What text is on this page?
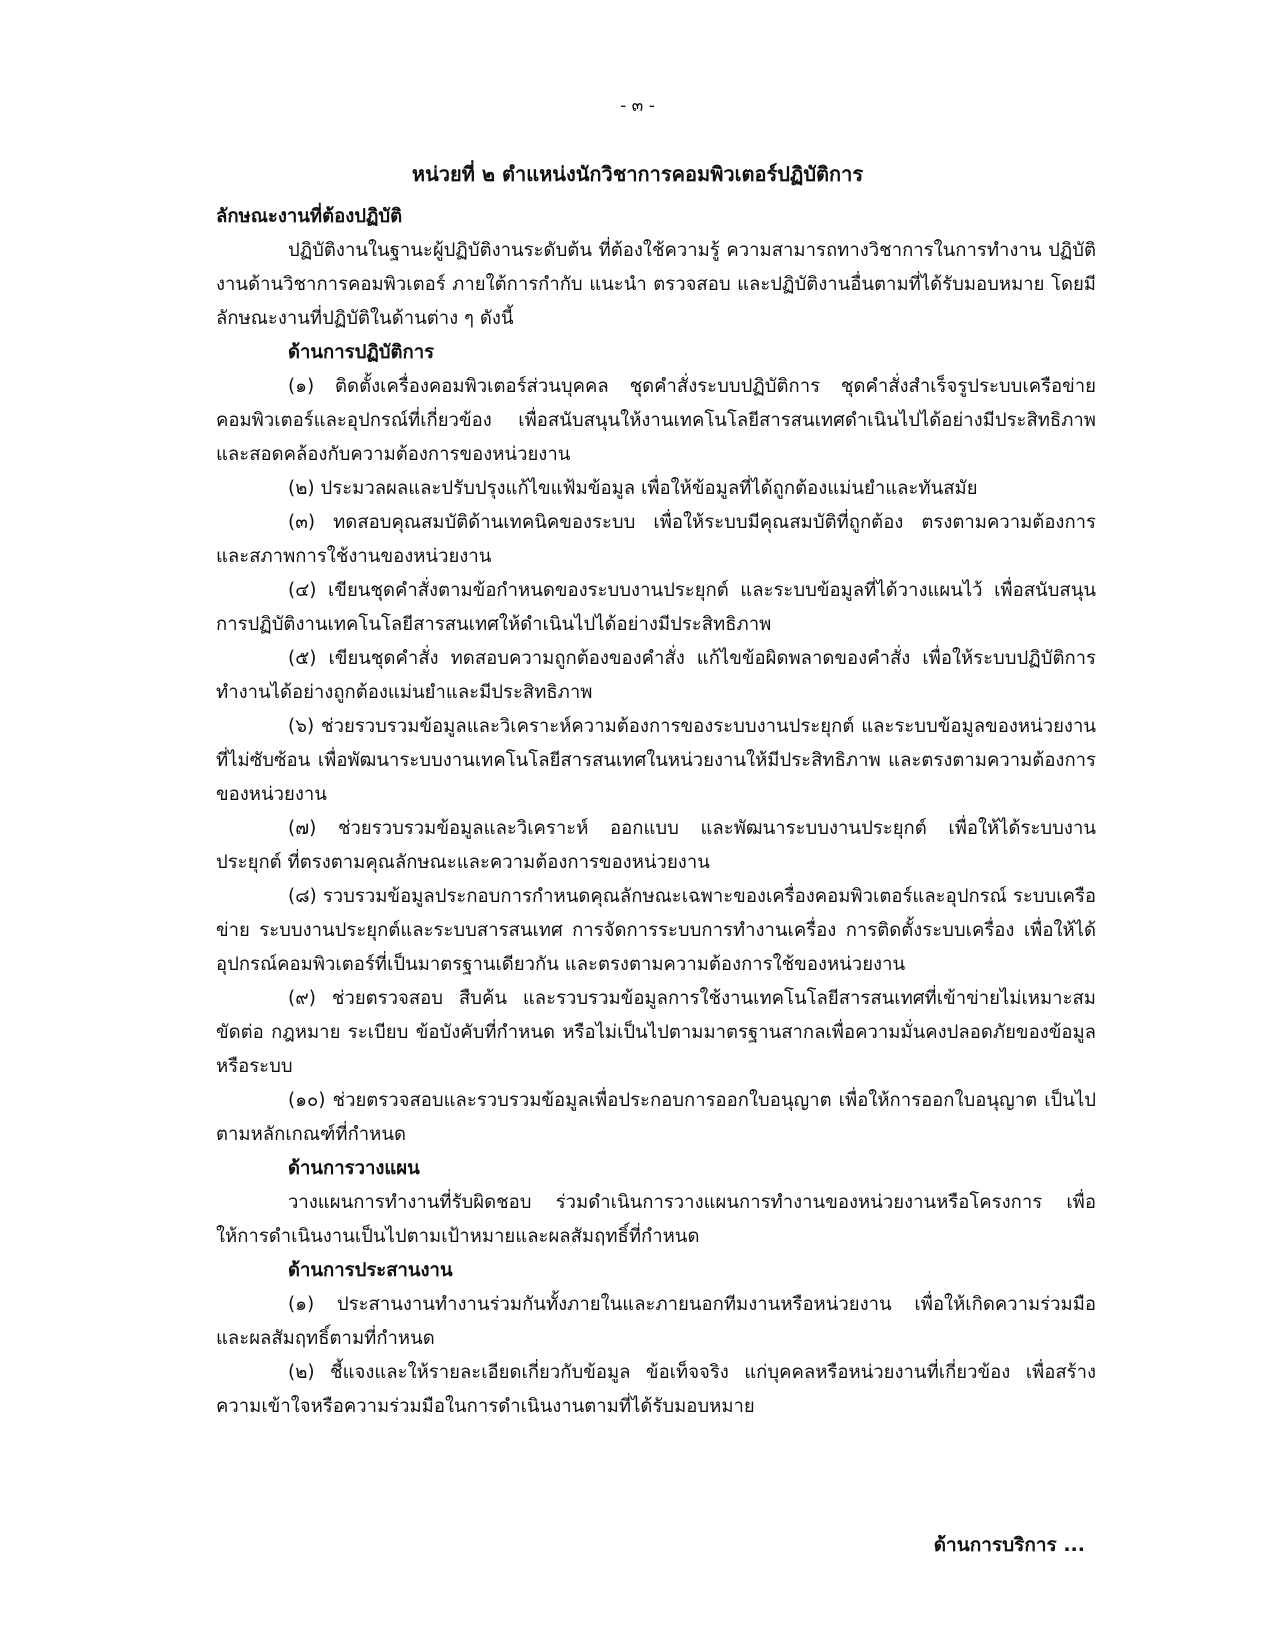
- ๓ -
หน่วยที่ ๒ ตำแหน่งนักวิชาการคอมพิวเตอร์ปฏิบัติการ

ลักษณะงานที่ต้องปฏิบัติ

ปฏิบัติงานในฐานะผู้ปฏิบัติงานระดับต้น ที่ต้องใช้ความรู้ ความสามารถทางวิชาการในการทำงาน ปฏิบัติงานด้านวิชาการคอมพิวเตอร์ ภายใต้การกำกับ แนะนำ ตรวจสอบ และปฏิบัติงานอื่นตามที่ได้รับมอบหมาย โดยมีลักษณะงานที่ปฏิบัติในด้านต่าง ๆ ดังนี้

ด้านการปฏิบัติการ

(๑) ติดตั้งเครื่องคอมพิวเตอร์ส่วนบุคคล ชุดคำสั่งระบบปฏิบัติการ ชุดคำสั่งสำเร็จรูประบบเครือข่ายคอมพิวเตอร์และอุปกรณ์ที่เกี่ยวข้อง เพื่อสนับสนุนให้งานเทคโนโลยีสารสนเทศดำเนินไปได้อย่างมีประสิทธิภาพ และสอดคล้องกับความต้องการของหน่วยงาน

(๒) ประมวลผลและปรับปรุงแก้ไขแฟ้มข้อมูล เพื่อให้ข้อมูลที่ได้ถูกต้องแม่นยำและทันสมัย

(๓) ทดสอบคุณสมบัติด้านเทคนิคของระบบ เพื่อให้ระบบมีคุณสมบัติที่ถูกต้อง ตรงตามความต้องการ และสภาพการใช้งานของหน่วยงาน

(๔) เขียนชุดคำสั่งตามข้อกำหนดของระบบงานประยุกต์ และระบบข้อมูลที่ได้วางแผนไว้ เพื่อสนับสนุน การปฏิบัติงานเทคโนโลยีสารสนเทศให้ดำเนินไปได้อย่างมีประสิทธิภาพ

(๕) เขียนชุดคำสั่ง ทดสอบความถูกต้องของคำสั่ง แก้ไขข้อผิดพลาดของคำสั่ง เพื่อให้ระบบปฏิบัติการ ทำงานได้อย่างถูกต้องแม่นยำและมีประสิทธิภาพ

(๖) ช่วยรวบรวมข้อมูลและวิเคราะห์ความต้องการของระบบงานประยุกต์ และระบบข้อมูลของหน่วยงาน ที่ไม่ซับซ้อน เพื่อพัฒนาระบบงานเทคโนโลยีสารสนเทศในหน่วยงานให้มีประสิทธิภาพ และตรงตามความต้องการ ของหน่วยงาน

(๗) ช่วยรวบรวมข้อมูลและวิเคราะห์ ออกแบบ และพัฒนาระบบงานประยุกต์ เพื่อให้ได้ระบบงานประยุกต์ ที่ตรงตามคุณลักษณะและความต้องการของหน่วยงาน

(๘) รวบรวมข้อมูลประกอบการกำหนดคุณลักษณะเฉพาะของเครื่องคอมพิวเตอร์และอุปกรณ์ ระบบเครือข่าย ระบบงานประยุกต์และระบบสารสนเทศ การจัดการระบบการทำงานเครื่อง การติดตั้งระบบเครื่อง เพื่อให้ได้อุปกรณ์คอมพิวเตอร์ที่เป็นมาตรฐานเดียวกัน และตรงตามความต้องการใช้ของหน่วยงาน

(๙) ช่วยตรวจสอบ สืบค้น และรวบรวมข้อมูลการใช้งานเทคโนโลยีสารสนเทศที่เข้าข่ายไม่เหมาะสม ขัดต่อ กฎหมาย ระเบียบ ข้อบังคับที่กำหนด หรือไม่เป็นไปตามมาตรฐานสากลเพื่อความมั่นคงปลอดภัยของข้อมูลหรือระบบ

(๑๐) ช่วยตรวจสอบและรวบรวมข้อมูลเพื่อประกอบการออกใบอนุญาต เพื่อให้การออกใบอนุญาต เป็นไปตามหลักเกณฑ์ที่กำหนด

ด้านการวางแผน

วางแผนการทำงานที่รับผิดชอบ ร่วมดำเนินการวางแผนการทำงานของหน่วยงานหรือโครงการ เพื่อให้การดำเนินงานเป็นไปตามเป้าหมายและผลสัมฤทธิ์ที่กำหนด

ด้านการประสานงาน

(๑) ประสานงานทำงานร่วมกันทั้งภายในและภายนอกทีมงานหรือหน่วยงาน เพื่อให้เกิดความร่วมมือ และผลสัมฤทธิ์ตามที่กำหนด

(๒) ชี้แจงและให้รายละเอียดเกี่ยวกับข้อมูล ข้อเท็จจริง แก่บุคคลหรือหน่วยงานที่เกี่ยวข้อง เพื่อสร้าง ความเข้าใจหรือความร่วมมือในการดำเนินงานตามที่ได้รับมอบหมาย

ด้านการบริการ ...
